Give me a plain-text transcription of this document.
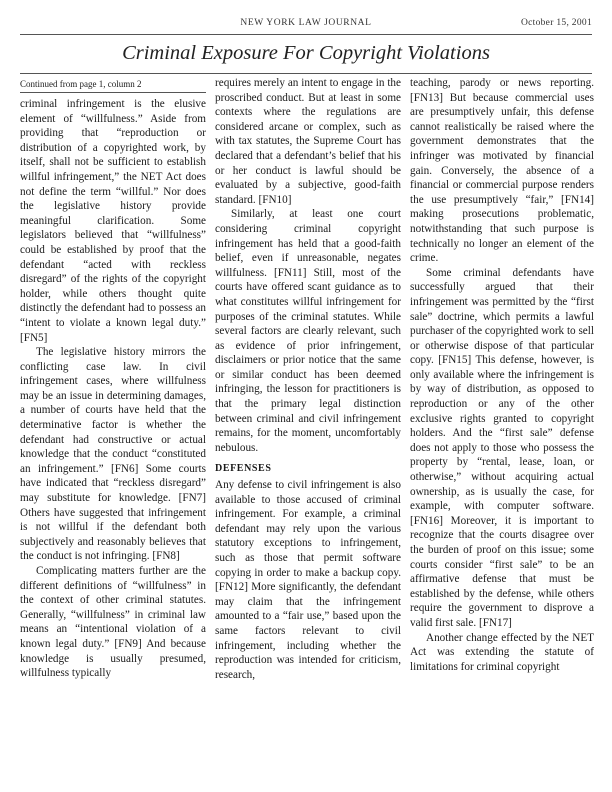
NEW YORK LAW JOURNAL	October 15, 2001
Criminal Exposure For Copyright Violations
Continued from page 1, column 2

criminal infringement is the elusive element of “willfulness.” Aside from providing that “reproduction or distribution of a copyrighted work, by itself, shall not be sufficient to establish willful infringement,” the NET Act does not define the term “willful.” Nor does the legislative history provide meaningful clarification. Some legislators believed that “willfulness” could be established by proof that the defendant “acted with reckless disregard” of the rights of the copyright holder, while others thought quite distinctly the defendant had to possess an “intent to violate a known legal duty.” [FN5]

The legislative history mirrors the conflicting case law. In civil infringement cases, where willfulness may be an issue in determining damages, a number of courts have held that the determinative factor is whether the defendant had constructive or actual knowledge that the conduct “constituted an infringement.” [FN6] Some courts have indicated that “reckless disregard” may substitute for knowledge. [FN7] Others have suggested that infringement is not willful if the defendant both subjectively and reasonably believes that the conduct is not infringing. [FN8]

Complicating matters further are the different definitions of “willfulness” in the context of other criminal statutes. Generally, “willfulness” in criminal law means an “intentional violation of a known legal duty.” [FN9] And because knowledge is usually presumed, willfulness typically

requires merely an intent to engage in the proscribed conduct. But at least in some contexts where the regulations are considered arcane or complex, such as with tax statutes, the Supreme Court has declared that a defendant’s belief that his or her conduct is lawful should be evaluated by a subjective, good-faith standard. [FN10]

Similarly, at least one court considering criminal copyright infringement has held that a good-faith belief, even if unreasonable, negates willfulness. [FN11] Still, most of the courts have offered scant guidance as to what constitutes willful infringement for purposes of the criminal statutes. While several factors are clearly relevant, such as evidence of prior infringement, disclaimers or prior notice that the same or similar conduct has been deemed infringing, the lesson for practitioners is that the primary legal distinction between criminal and civil infringement remains, for the moment, uncomfortably nebulous.

DEFENSES

Any defense to civil infringement is also available to those accused of criminal infringement. For example, a criminal defendant may rely upon the various statutory exceptions to infringement, such as those that permit software copying in order to make a backup copy. [FN12] More significantly, the defendant may claim that the infringement amounted to a “fair use,” based upon the same factors relevant to civil infringement, including whether the reproduction was intended for criticism, research,

teaching, parody or news reporting. [FN13] But because commercial uses are presumptively unfair, this defense cannot realistically be raised where the government demonstrates that the infringer was motivated by financial gain. Conversely, the absence of a financial or commercial purpose renders the use presumptively “fair,” [FN14] making prosecutions problematic, notwithstanding that such purpose is technically no longer an element of the crime.

Some criminal defendants have successfully argued that their infringement was permitted by the “first sale” doctrine, which permits a lawful purchaser of the copyrighted work to sell or otherwise dispose of that particular copy. [FN15] This defense, however, is only available where the infringement is by way of distribution, as opposed to reproduction or any of the other exclusive rights granted to copyright holders. And the “first sale” defense does not apply to those who possess the property by “rental, lease, loan, or otherwise,” without acquiring actual ownership, as is usually the case, for example, with computer software. [FN16] Moreover, it is important to recognize that the courts disagree over the burden of proof on this issue; some courts consider “first sale” to be an affirmative defense that must be established by the defense, while others require the government to disprove a valid first sale. [FN17]

Another change effected by the NET Act was extending the statute of limitations for criminal copyright
